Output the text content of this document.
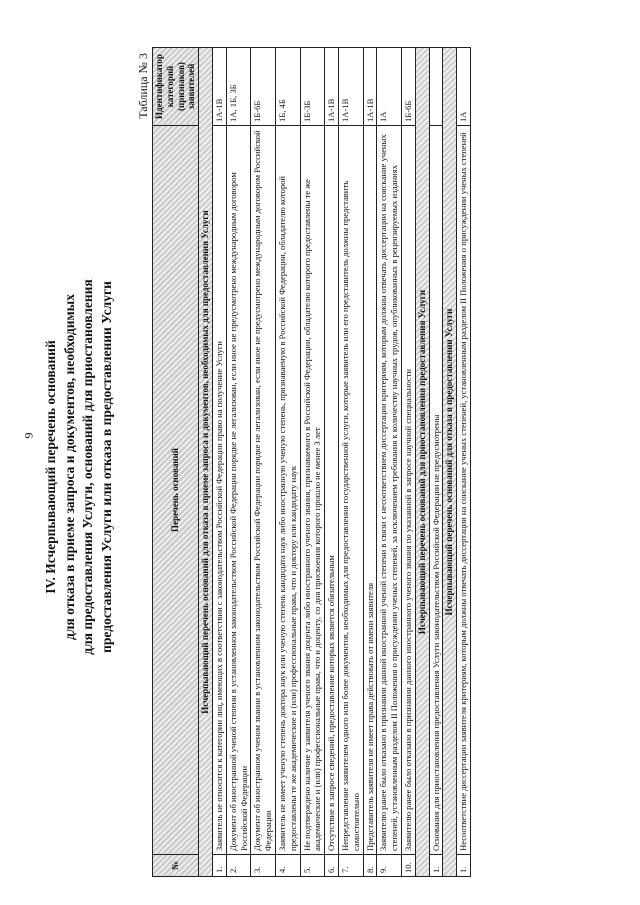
9 IV. Исчерпывающий перечень оснований для отказа в приеме запроса и документов, необходимых для предоставления Услуги, оснований для приостановления предоставления Услуги или отказа в предоставлении Услуги
Таблица № 3
№	Перечень оснований	Идентификатор категорий (признаков) заявителей
Исчерпывающий перечень оснований для отказа в приеме запроса и документов, необходимых для предоставления Услуги		
1.	Заявитель не относится к категории лиц, имеющих в соответствии с законодательством Российской Федерации право на получение Услуги	1А-1В
2.	Документ об иностранной ученой степени в установленном законодательством Российской Федерации порядке не легализован, если иное не предусмотрено международным договором Российской Федерации	1А, 1Б, 3Б
3.	Документ об иностранном ученом звании в установленном законодательством Российской Федерации порядке не легализован, если иное не предусмотрено международным договором Российской Федерации	1Б-6Б
4.	Заявитель не имеет ученую степень доктора наук или ученую степень кандидата наук либо иностранную ученую степень, признаваемую в Российской Федерации, обладателю которой предоставлены те же академические и (или) профессиональные права, что и доктору или кандидату наук	1Б, 4Б
5.	Не подтверждено наличие у заявителя ученого звания доцента либо иностранного ученого звания, признаваемого в Российской Федерации, обладателю которого предоставлены те же академические и (или) профессиональные права, что и доценту, со дня присвоения которого прошло не менее 3 лет	1Б-3Б
6.	Отсутствие в запросе сведений, предоставление которых является обязательным	1А-1В
7.	Непредставление заявителем одного или более документов, необходимых для предоставления государственной услуги, которые заявитель или его представитель должны представить самостоятельно	1А-1В
8.	Представитель заявителя не имеет права действовать от имени заявителя	1А-1В
9.	Заявителю ранее было отказано в признании данной иностранной ученой степени в связи с несоответствием диссертации критериям, которым должны отвечать диссертации на соискание ученых степеней, установленным разделом II Положения о присуждении ученых степеней, за исключением требования к количеству научных трудов, опубликованных в рецензируемых изданиях	1А
10.	Заявителю ранее было отказано в признании данного иностранного ученого звания по указанной в запросе научной специальности	1Б-6Б
Исчерпывающий перечень оснований для приостановления предоставления Услуги		
1.	Основания для приостановления предоставления Услуги законодательством Российской Федерации не предусмотрены	
Исчерпывающий перечень оснований для отказа в предоставлении Услуги		
1.	Несоответствие диссертации заявителя критериям, которым должны отвечать диссертации на соискание ученых степеней, установленным разделом II Положения о присуждении ученых степеней	1А
